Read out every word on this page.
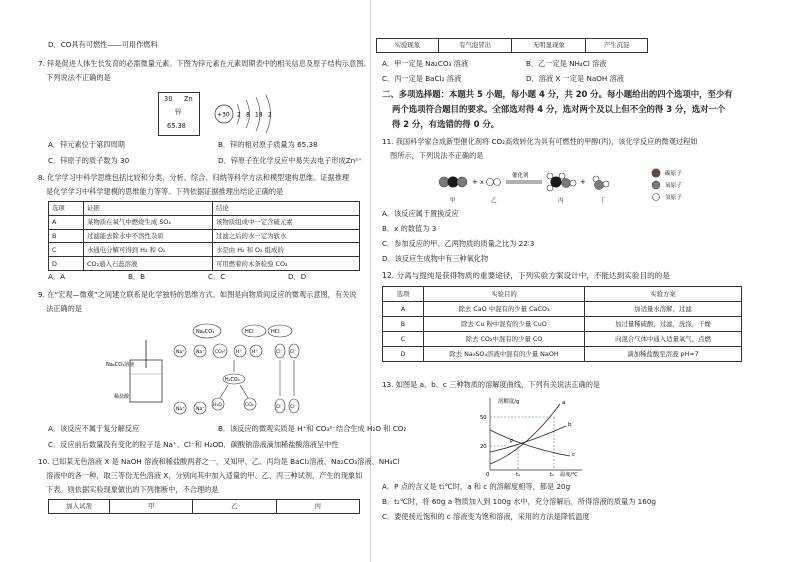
D．CO具有可燃性——可用作燃料
7. 锌是促进人体生长发育的必需微量元素。下图为锌元素在元素周期表中的相关信息及原子结构示意图。
下列说法不正确的是
30 Zn
锌
65.38
+30 2 8 18 2
A．锌元素位于第四周期	B．锌的相对原子质量为 65.38
C．锌原子的质子数为 30	D．锌原子在化学反应中易失去电子形成Zn²⁺
8. 化学学习中科学思维包括比较和分类、分析、综合、归纳等科学方法和模型建构思维。证据推理
是化学学习中科学建模的思维能力等等。下列依据证据推理出结论正确的是
选项	证据	结论
A	某物质在氧气中燃烧生成 SO₂	该物质组成中一定含硫元素
B	过滤能去除水中不溶性杂质	过滤之后的水一定为软水
C	水通电分解可得到 H₂ 和 O₂	水是由 H₂ 和 O₂ 组成的
D	CO₂通入石蕊溶液	可用燃着的木条检验 CO₂
A．A	B．B	C．C	D．D
9. 在“宏观—微观”之间建立联系是化学独特的思维方式。如图是向物质间反应的微观示意图，有关说
法正确的是
Na₂CO₃溶液
稀盐酸
Na₂CO₃
Na⁺ Na⁺ CO₃²⁻
HCl	HCl
H⁺ H⁺	Cl⁻ Cl⁻
H₂CO₃
H₂O	CO₂
Na⁺ Na⁺	Cl⁻ Cl⁻
A．该反应不属于复分解反应	B．该反应的微观实质是 H⁺和 CO₃²⁻结合生成 H₂O 和 CO₂
C．反应前后数量没有变化的粒子是 Na⁺、Cl⁻和 H₂O D．碳酸钠溶液滴加稀盐酸溶液呈中性
10. 已知某无色溶液 X 是 NaOH 溶液和稀盐酸两者之一，又知甲、乙、丙均是 BaCl₂溶液、Na₂CO₃溶液、NH₄Cl
溶液中的各一种，取三等份无色溶液 X，分别向其中加入适量的甲、乙、丙三种试剂，产生的现象如
下表。则依据实验现象做出的下列推断中，不合理的是
加入试剂	甲	乙	丙
实验现象	有气泡冒出	无明显现象	产生沉淀
A．甲一定是 Na₂CO₃ 溶液	B．乙一定是 NH₄Cl 溶液
C．丙一定是 BaCl₂ 溶液	D．溶液 X 一定是 NaOH 溶液
二、多项选择题：本题共 5 小题，每小题 4 分，共 20 分。每小题给出的四个选项中，至少有
两个选项符合题目的要求。全部选对得 4 分，选对两个及以上但不全的得 3 分，选对一个
得 2 分，有选错的得 0 分。
11. 我国科学家合成新型催化剂将 CO₂高效转化为具有可燃性的甲醇(丙)，该化学反应的微观过程如
图所示，下列说法不正确的是
+ x
催化剂
+
碳原子
氧原子
氢原子
甲	乙	丙	丁
A．该反应属于置换反应
B．x 的数值为 3
C．参加反应的甲、乙两物质的质量之比为 22∶3
D．该反应生成物中有三种氧化物
12. 分离与提纯是获得物质的重要途径，下列实验方案设计中，不能达到实验目的的是
选项	实验目的	实验方案
A	除去 CaO 中混有的少量 CaCO₃	加适量水溶解，过滤
B	除去 Cu 粉中混有的少量 CuO	加过量稀硫酸，过滤，洗涤，干燥
C	除去 CO₂中混有的少量 CO	向混合气体中通入适量氧气，点燃
D	除去 Na₂SO₄溶液中混有的少量 NaOH	滴加稀盐酸至溶液 pH=7
13. 如图是 a、b、c 三种物质的溶解度曲线，下列有关说法正确的是
溶解度/g
温度/℃
50
20
0	t₁	t₂
a
b
c
P
A．P 点的含义是 t₁℃时，a 和 c 的溶解度相等，都是 20g
B．t₂℃时，将 60g a 物质加入到 100g 水中，充分溶解后，所得溶液的质量为 160g
C．要使接近饱和的 c 溶液变为饱和溶液，采用的方法是降低温度
